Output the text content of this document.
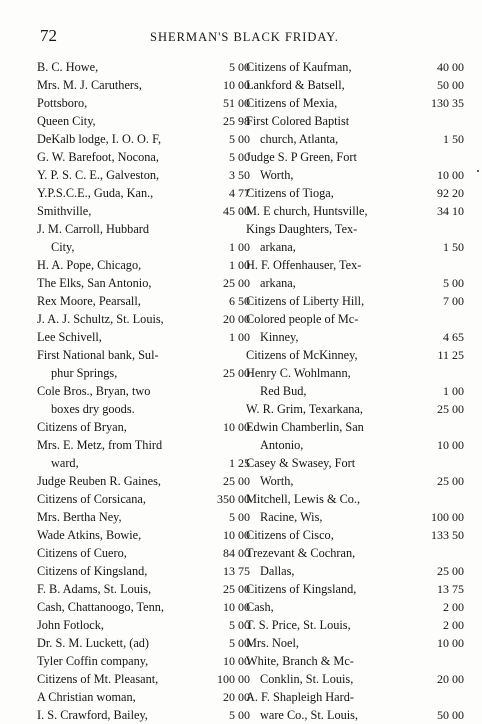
72	SHERMAN'S BLACK FRIDAY.
B. C. Howe,	5 00
Mrs. M. J. Caruthers,	10 00
Pottsboro,	51 00
Queen City,	25 98
DeKalb lodge, I. O. O. F,	5 00
G. W. Barefoot, Nocona,	5 00
Y. P. S. C. E., Galveston,	3 50
Y.P.S.C.E., Guda, Kan.,	4 77
Smithville,	45 00
J. M. Carroll, Hubbard
City,	1 00
H. A. Pope, Chicago,	1 00
The Elks, San Antonio,	25 00
Rex Moore, Pearsall,	6 50
J. A. J. Schultz, St. Louis,	20 00
Lee Schivell,	1 00
First National bank, Sul-
phur Springs,	25 00
Cole Bros., Bryan, two
boxes dry goods.
Citizens of Bryan,	10 00
Mrs. E. Metz, from Third
ward,	1 25
Judge Reuben R. Gaines,	25 00
Citizens of Corsicana,	350 00
Mrs. Bertha Ney,	5 00
Wade Atkins, Bowie,	10 00
Citizens of Cuero,	84 00
Citizens of Kingsland,	13 75
F. B. Adams, St. Louis,	25 00
Cash, Chattanoogo, Tenn,	10 00
John Fotlock,	5 00
Dr. S. M. Luckett, (ad)	5 00
Tyler Coffin company,	10 00
Citizens of Mt. Pleasant,	100 00
A Christian woman,	20 00
I. S. Crawford, Bailey,	5 00
Citizens of Kaufman,	40 00
Lankford & Batsell,	50 00
Citizens of Mexia,	130 35
First Colored Baptist
church, Atlanta,	1 50
Judge S. P Green, Fort
Worth,	10 00
Citizens of Tioga,	92 20
M. E church, Huntsville,	34 10
Kings Daughters, Tex-
arkana,	1 50
H. F. Offenhauser, Tex-
arkana,	5 00
Citizens of Liberty Hill,	7 00
Colored people of Mc-
Kinney,	4 65
Citizens of McKinney,	11 25
Henry C. Wohlmann,
Red Bud,	1 00
W. R. Grim, Texarkana,	25 00
Edwin Chamberlin, San
Antonio,	10 00
Casey & Swasey, Fort
Worth,	25 00
Mitchell, Lewis & Co.,
Racine, Wis,	100 00
Citizens of Cisco,	133 50
Trezevant & Cochran,
Dallas,	25 00
Citizens of Kingsland,	13 75
Cash,	2 00
T. S. Price, St. Louis,	2 00
Mrs. Noel,	10 00
White, Branch & Mc-
Conklin, St. Louis,	20 00
A. F. Shapleigh Hard-
ware Co., St. Louis,	50 00
